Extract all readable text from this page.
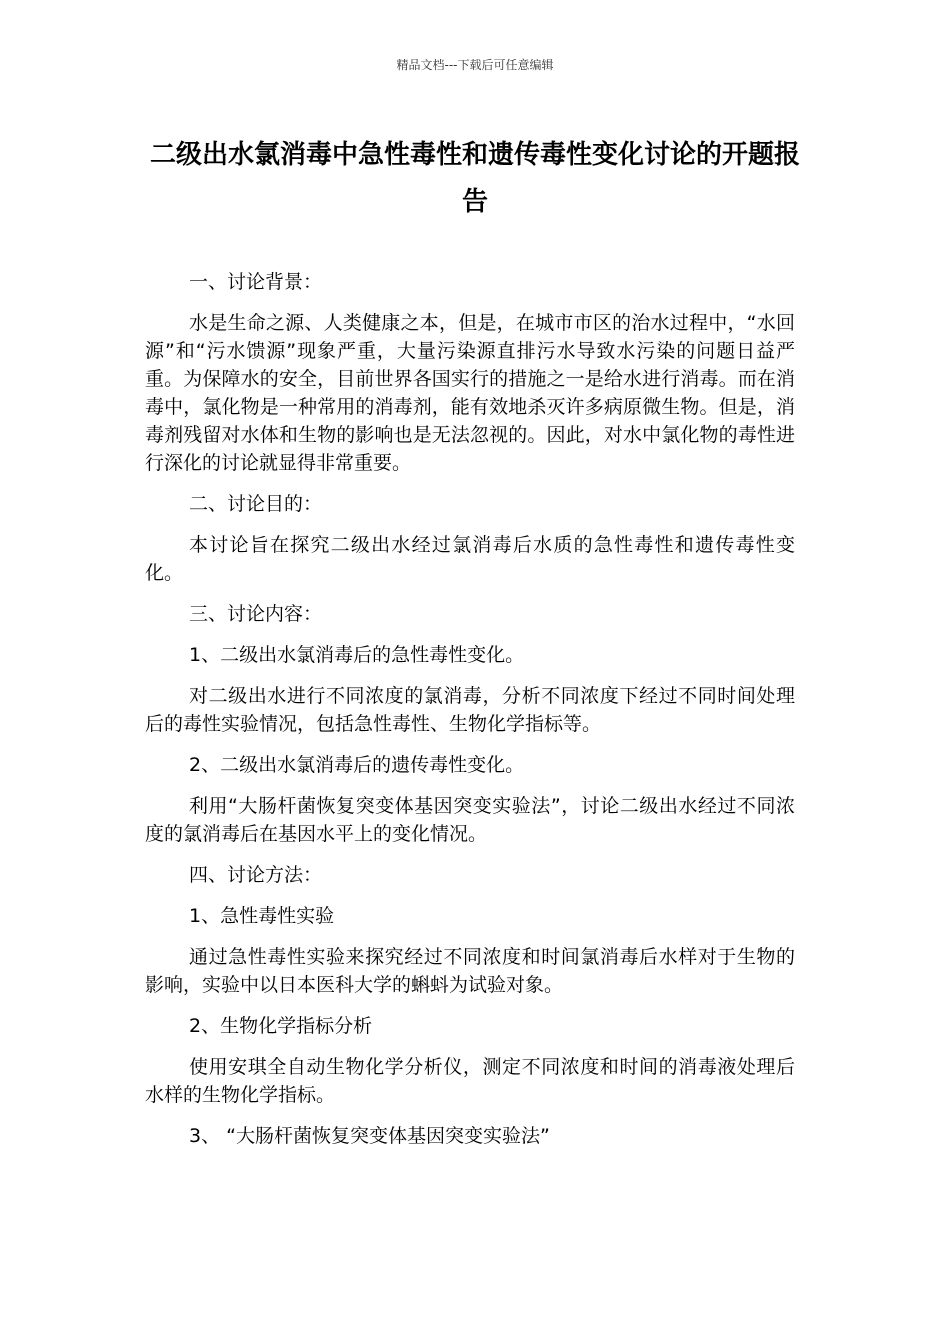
精品文档---下载后可任意编辑
二级出水氯消毒中急性毒性和遗传毒性变化讨论的开题报告

一、讨论背景：

水是生命之源、人类健康之本，但是，在城市市区的治水过程中，“水回源”和“污水馈源”现象严重，大量污染源直排污水导致水污染的问题日益严重。为保障水的安全，目前世界各国实行的措施之一是给水进行消毒。而在消毒中，氯化物是一种常用的消毒剂，能有效地杀灭许多病原微生物。但是，消毒剂残留对水体和生物的影响也是无法忽视的。因此，对水中氯化物的毒性进行深化的讨论就显得非常重要。

二、讨论目的：

本讨论旨在探究二级出水经过氯消毒后水质的急性毒性和遗传毒性变化。

三、讨论内容：

1、二级出水氯消毒后的急性毒性变化。

对二级出水进行不同浓度的氯消毒，分析不同浓度下经过不同时间处理后的毒性实验情况，包括急性毒性、生物化学指标等。

2、二级出水氯消毒后的遗传毒性变化。

利用“大肠杆菌恢复突变体基因突变实验法”，讨论二级出水经过不同浓度的氯消毒后在基因水平上的变化情况。

四、讨论方法：

1、急性毒性实验

通过急性毒性实验来探究经过不同浓度和时间氯消毒后水样对于生物的影响，实验中以日本医科大学的蝌蚪为试验对象。

2、生物化学指标分析

使用安琪全自动生物化学分析仪，测定不同浓度和时间的消毒液处理后水样的生物化学指标。

3、 “大肠杆菌恢复突变体基因突变实验法”
